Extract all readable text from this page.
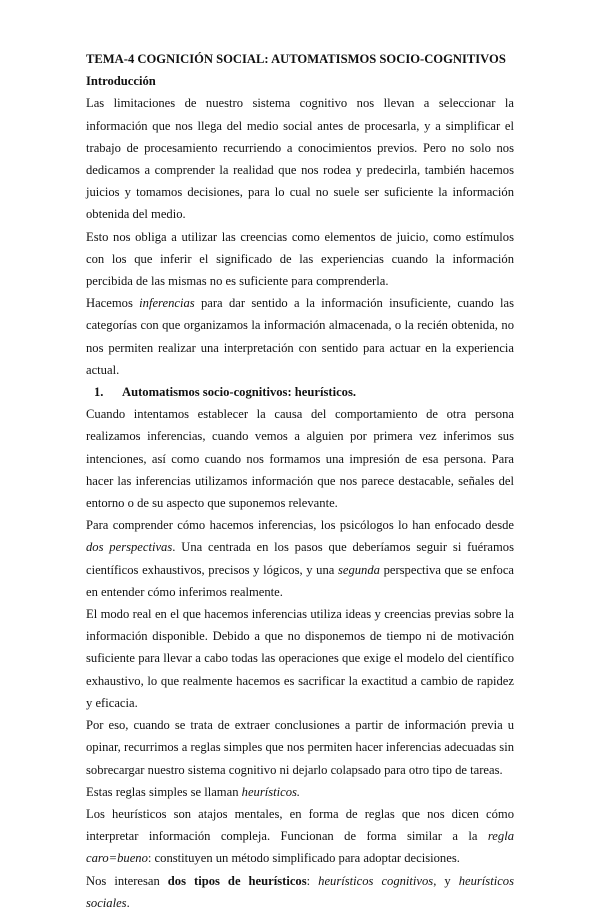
TEMA-4 COGNICIÓN SOCIAL: AUTOMATISMOS SOCIO-COGNITIVOS

Introducción

Las limitaciones de nuestro sistema cognitivo nos llevan a seleccionar la información que nos llega del medio social antes de procesarla, y a simplificar el trabajo de procesamiento recurriendo a conocimientos previos. Pero no solo nos dedicamos a comprender la realidad que nos rodea y predecirla, también hacemos juicios y tomamos decisiones, para lo cual no suele ser suficiente la información obtenida del medio.

Esto nos obliga a utilizar las creencias como elementos de juicio, como estímulos con los que inferir el significado de las experiencias cuando la información percibida de las mismas no es suficiente para comprenderla.

Hacemos inferencias para dar sentido a la información insuficiente, cuando las categorías con que organizamos la información almacenada, o la recién obtenida, no nos permiten realizar una interpretación con sentido para actuar en la experiencia actual.

1.	Automatismos socio-cognitivos: heurísticos.

Cuando intentamos establecer la causa del comportamiento de otra persona realizamos inferencias, cuando vemos a alguien por primera vez inferimos sus intenciones, así como cuando nos formamos una impresión de esa persona. Para hacer las inferencias utilizamos información que nos parece destacable, señales del entorno o de su aspecto que suponemos relevante.

Para comprender cómo hacemos inferencias, los psicólogos lo han enfocado desde dos perspectivas. Una centrada en los pasos que deberíamos seguir si fuéramos científicos exhaustivos, precisos y lógicos, y una segunda perspectiva que se enfoca en entender cómo inferimos realmente.

El modo real en el que hacemos inferencias utiliza ideas y creencias previas sobre la información disponible. Debido a que no disponemos de tiempo ni de motivación suficiente para llevar a cabo todas las operaciones que exige el modelo del científico exhaustivo, lo que realmente hacemos es sacrificar la exactitud a cambio de rapidez y eficacia.

Por eso, cuando se trata de extraer conclusiones a partir de información previa u opinar, recurrimos a reglas simples que nos permiten hacer inferencias adecuadas sin sobrecargar nuestro sistema cognitivo ni dejarlo colapsado para otro tipo de tareas.

Estas reglas simples se llaman heurísticos.

Los heurísticos son atajos mentales, en forma de reglas que nos dicen cómo interpretar información compleja. Funcionan de forma similar a la regla caro=bueno: constituyen un método simplificado para adoptar decisiones.

Nos interesan dos tipos de heurísticos: heurísticos cognitivos, y heurísticos sociales.
